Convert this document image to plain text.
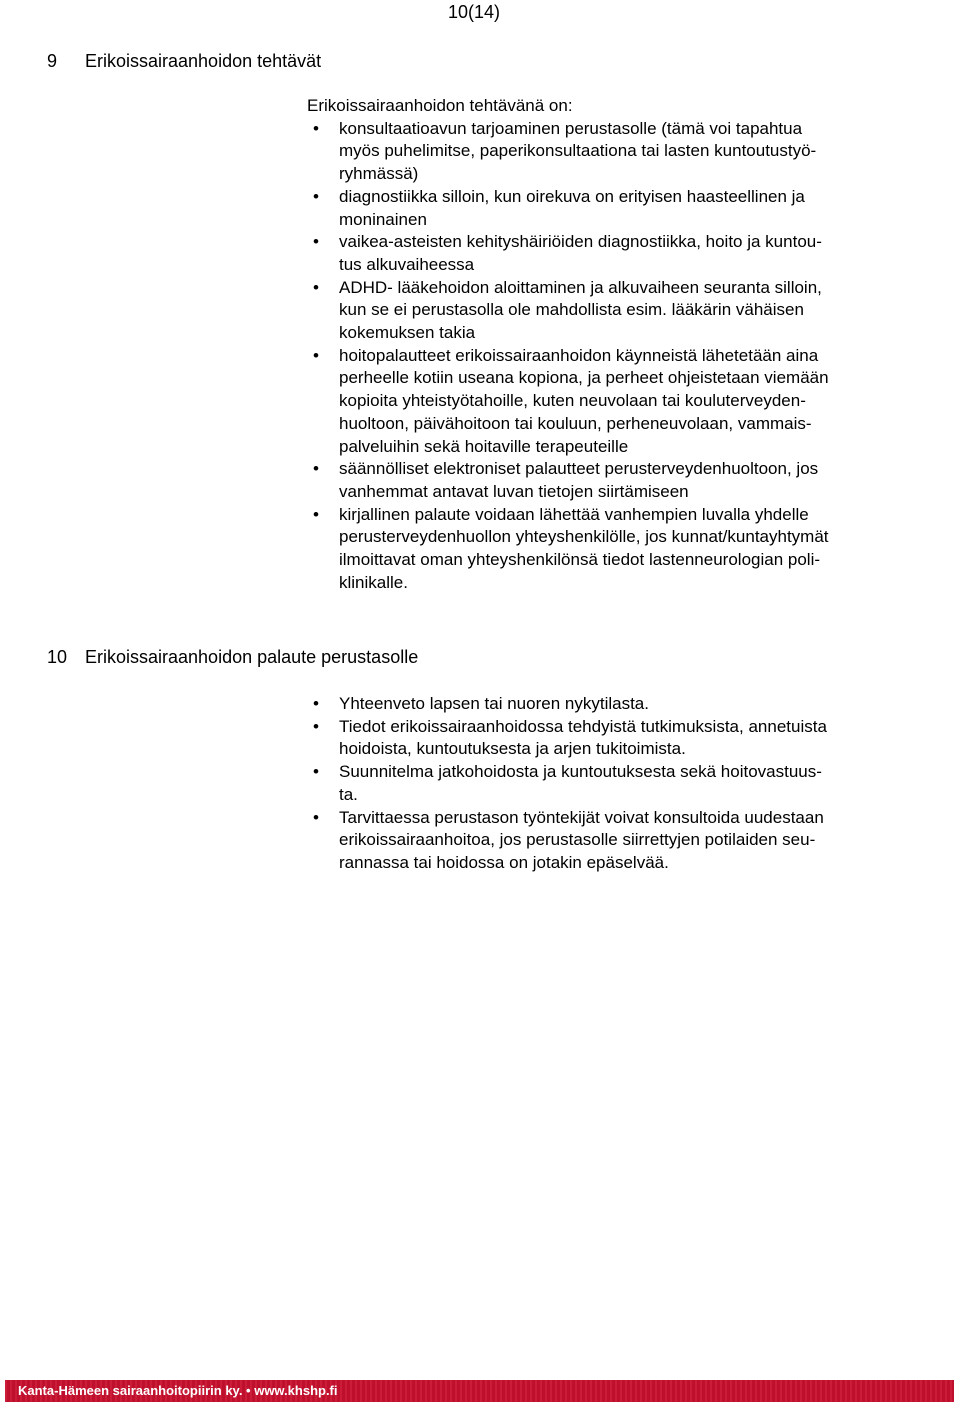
10(14)
9 Erikoissairaanhoidon tehtävät

Erikoissairaanhoidon tehtävänä on:

• konsultaatioavun tarjoaminen perustasolle (tämä voi tapahtua
myös puhelimitse, paperikonsultaationa tai lasten kuntoutustyö-
ryhmässä)
• diagnostiikka silloin, kun oirekuva on erityisen haasteellinen ja
moninainen
• vaikea-asteisten kehityshäiriöiden diagnostiikka, hoito ja kuntou-
tus alkuvaiheessa
• ADHD- lääkehoidon aloittaminen ja alkuvaiheen seuranta silloin,
kun se ei perustasolla ole mahdollista esim. lääkärin vähäisen
kokemuksen takia
• hoitopalautteet erikoissairaanhoidon käynneistä lähetetään aina
perheelle kotiin useana kopiona, ja perheet ohjeistetaan viemään
kopioita yhteistyötahoille, kuten neuvolaan tai kouluterveyden-
huoltoon, päivähoitoon tai kouluun, perheneuvolaan, vammais-
palveluihin sekä hoitaville terapeuteille
• säännölliset elektroniset palautteet perusterveydenhuoltoon, jos
vanhemmat antavat luvan tietojen siirtämiseen
• kirjallinen palaute voidaan lähettää vanhempien luvalla yhdelle
perusterveydenhuollon yhteyshenkilölle, jos kunnat/kuntayhtymät
ilmoittavat oman yhteyshenkilönsä tiedot lastenneurologian poli-
klinikalle.
10 Erikoissairaanhoidon palaute perustasolle
• Yhteenveto lapsen tai nuoren nykytilasta.
• Tiedot erikoissairaanhoidossa tehdyistä tutkimuksista, annetuista
hoidoista, kuntoutuksesta ja arjen tukitoimista.
• Suunnitelma jatkohoidosta ja kuntoutuksesta sekä hoitovastuus-
ta.
• Tarvittaessa perustason työntekijät voivat konsultoida uudestaan
erikoissairaanhoitoa, jos perustasolle siirrettyjen potilaiden seu-
rannassa tai hoidossa on jotakin epäselvää.
Kanta-Hämeen sairaanhoitopiirin ky. • www.khshp.fi
